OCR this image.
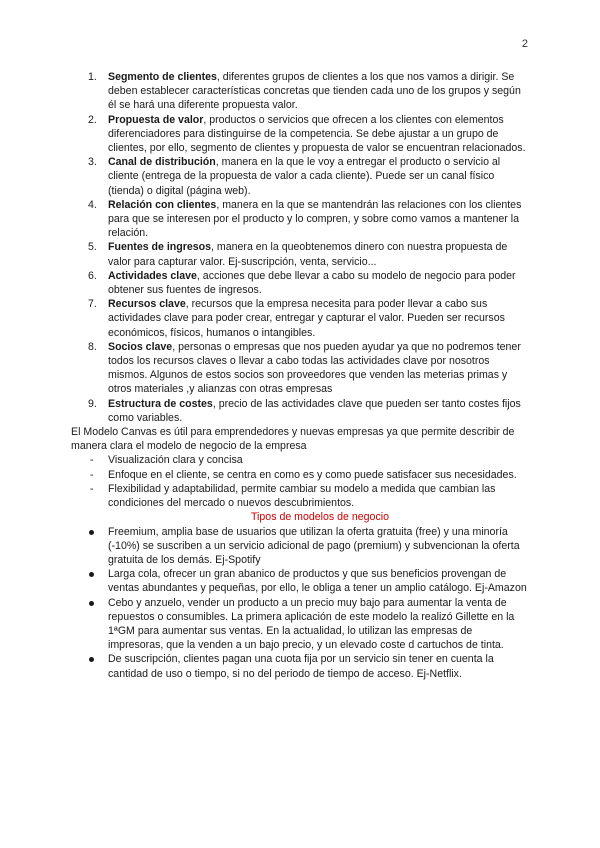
2
1. Segmento de clientes, diferentes grupos de clientes a los que nos vamos a dirigir. Se deben establecer características concretas que tienden cada uno de los grupos y según él se hará una diferente propuesta valor.
2. Propuesta de valor, productos o servicios que ofrecen a los clientes con elementos diferenciadores para distinguirse de la competencia. Se debe ajustar a un grupo de clientes, por ello, segmento de clientes y propuesta de valor se encuentran relacionados.
3. Canal de distribución, manera en la que le voy a entregar el producto o servicio al cliente (entrega de la propuesta de valor a cada cliente). Puede ser un canal físico (tienda) o digital (página web).
4. Relación con clientes, manera en la que se mantendrán las relaciones con los clientes para que se interesen por el producto y lo compren, y sobre como vamos a mantener la relación.
5. Fuentes de ingresos, manera en la queobtenemos dinero con nuestra propuesta de valor para capturar valor. Ej-suscripción, venta, servicio...
6. Actividades clave, acciones que debe llevar a cabo su modelo de negocio para poder obtener sus fuentes de ingresos.
7. Recursos clave, recursos que la empresa necesita para poder llevar a cabo sus actividades clave para poder crear, entregar y capturar el valor. Pueden ser recursos económicos, físicos, humanos o intangibles.
8. Socios clave, personas o empresas que nos pueden ayudar ya que no podremos tener todos los recursos claves o llevar a cabo todas las actividades clave por nosotros mismos. Algunos de estos socios son proveedores que venden las meterias primas y otros materiales ,y alianzas con otras empresas
9. Estructura de costes, precio de las actividades clave que pueden ser tanto costes fijos como variables.

El Modelo Canvas es útil para emprendedores y nuevas empresas ya que permite describir de manera clara el modelo de negocio de la empresa

- Visualización clara y concisa
- Enfoque en el cliente, se centra en como es y como puede satisfacer sus necesidades.
- Flexibilidad y adaptabilidad, permite cambiar su modelo a medida que cambian las condiciones del mercado o nuevos descubrimientos.

Tipos de modelos de negocio

Freemium, amplia base de usuarios que utilizan la oferta gratuita (free) y una minoría (-10%) se suscriben a un servicio adicional de pago (premium) y subvencionan la oferta gratuita de los demás. Ej-Spotify
Larga cola, ofrecer un gran abanico de productos y que sus beneficios provengan de ventas abundantes y pequeñas, por ello, le obliga a tener un amplio catálogo. Ej-Amazon
Cebo y anzuelo, vender un producto a un precio muy bajo para aumentar la venta de repuestos o consumibles. La primera aplicación de este modelo la realizó Gillette en la 1ªGM para aumentar sus ventas. En la actualidad, lo utilizan las empresas de impresoras, que la venden a un bajo precio, y un elevado coste d cartuchos de tinta.
De suscripción, clientes pagan una cuota fija por un servicio sin tener en cuenta la cantidad de uso o tiempo, si no del periodo de tiempo de acceso. Ej-Netflix.
